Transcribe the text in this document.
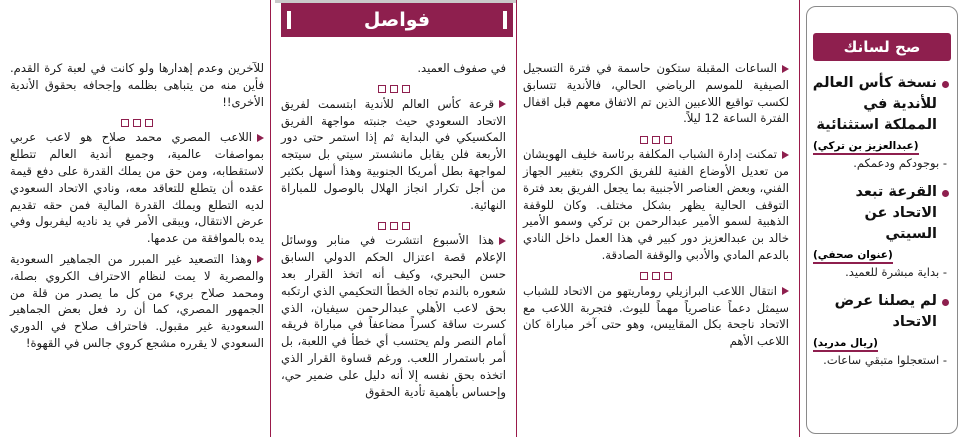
فواصل

الساعات المقبلة ستكون حاسمة في فترة التسجيل الصيفية للموسم الرياضي الحالي، فالأندية تتسابق لكسب تواقيع اللاعبين الذين تم الاتفاق معهم قبل اقفال الفترة الساعة 12 ليلاً.

تمكنت إدارة الشباب المكلفة برئاسة خليف الهويشان من تعديل الأوضاع الفنية للفريق الكروي بتغيير الجهاز الفني، وبعض العناصر الأجنبية بما يجعل الفريق بعد فترة التوقف الحالية يظهر بشكل مختلف. وكان للوقفة الذهبية لسمو الأمير عبدالرحمن بن تركي وسمو الأمير خالد بن عبدالعزيز دور كبير في هذا العمل داخل النادي بالدعم المادي والأدبي والوقفة الصادقة.

انتقال اللاعب البرازيلي روماريتهو من الاتحاد للشباب سيمثل دعماً عناصرياً مهماً لليوث. فتجربة اللاعب مع الاتحاد ناجحة بكل المقاييس، وهو حتى آخر مباراة كان اللاعب الأهم

في صفوف العميد.

قرعة كأس العالم للأندية ابتسمت لفريق الاتحاد السعودي حيث جنبته مواجهة الفريق المكسيكي في البداية ثم إذا استمر حتى دور الأربعة فلن يقابل مانشستر سيتي بل سيتجه لمواجهة بطل أمريكا الجنوبية وهذا أسهل بكثير من أجل تكرار انجاز الهلال بالوصول للمباراة النهائية.

هذا الأسبوع انتشرت في منابر ووسائل الإعلام قصة اعتزال الحكم الدولي السابق حسن البحيري، وكيف أنه اتخذ القرار بعد شعوره بالندم تجاه الخطأ التحكيمي الذي ارتكبه بحق لاعب الأهلي عبدالرحمن سيفيان، الذي كسرت ساقة كسراً مضاعفاً في مباراة فريقه أمام النصر ولم يحتسب أي خطأ في اللعبة، بل أمر باستمرار اللعب. ورغم قساوة القرار الذي اتخذه بحق نفسه إلا أنه دليل على ضمير حي، وإحساس بأهمية تأدية الحقوق

للآخرين وعدم إهدارها ولو كانت في لعبة كرة القدم. فأين منه من يتباهى بظلمه وإجحافه بحقوق الأندية الأخرى!!

اللاعب المصري محمد صلاح هو لاعب عربي بمواصفات عالمية، وجميع أندية العالم تتطلع لاستقطابه، ومن حق من يملك القدرة على دفع قيمة عقده أن يتطلع للتعاقد معه، ونادي الاتحاد السعودي لديه التطلع ويملك القدرة المالية فمن حقه تقديم عرض الانتقال، ويبقى الأمر في يد ناديه ليفربول وفي يده بالموافقة من عدمها.

وهذا التصعيد غير المبرر من الجماهير السعودية والمصرية لا يمت لنظام الاحتراف الكروي بصلة، ومحمد صلاح بريء من كل ما يصدر من قلة من الجمهور المصري، كما أن رد فعل بعض الجماهير السعودية غير مقبول. فاحتراف صلاح في الدوري السعودي لا يقرره مشجع كروي جالس في القهوة!

صح لسانك
نسخة كأس العالم للأندية في المملكة استثنائية
(عبدالعزيز بن تركي)
- بوجودكم ودعمكم.
القرعة تبعد الاتحاد عن السيتي
(عنوان صحفي)
- بداية مبشرة للعميد.
لم يصلنا عرض الاتحاد
(ريال مدريد)
- استعجلوا متبقي ساعات.
